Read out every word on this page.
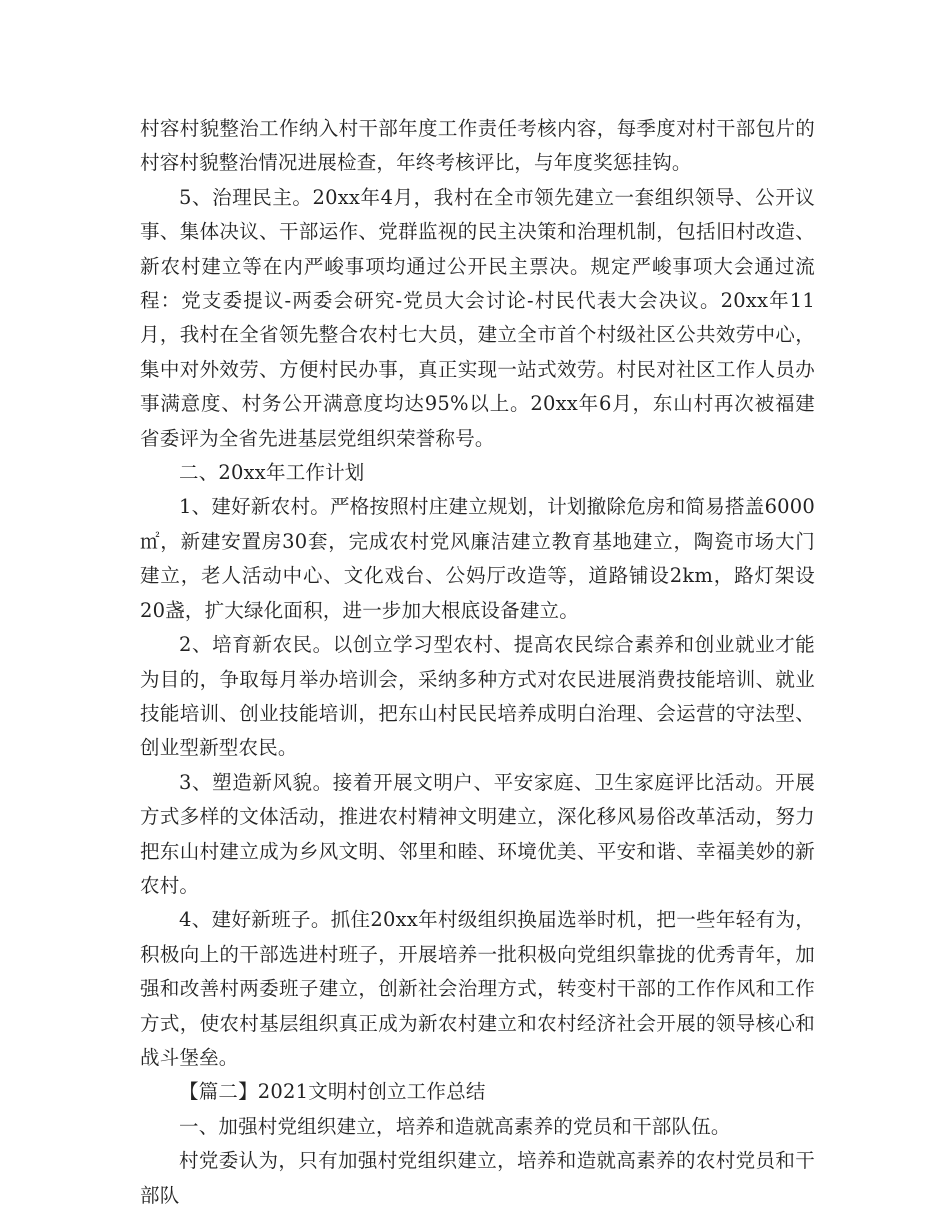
村容村貌整治工作纳入村干部年度工作责任考核内容，每季度对村干部包片的村容村貌整治情况进展检查，年终考核评比，与年度奖惩挂钩。

5、治理民主。20xx年4月，我村在全市领先建立一套组织领导、公开议事、集体决议、干部运作、党群监视的民主决策和治理机制，包括旧村改造、新农村建立等在内严峻事项均通过公开民主票决。规定严峻事项大会通过流程：党支委提议-两委会研究-党员大会讨论-村民代表大会决议。20xx年11月，我村在全省领先整合农村七大员，建立全市首个村级社区公共效劳中心，集中对外效劳、方便村民办事，真正实现一站式效劳。村民对社区工作人员办事满意度、村务公开满意度均达95%以上。20xx年6月，东山村再次被福建省委评为全省先进基层党组织荣誉称号。

二、20xx年工作计划

1、建好新农村。严格按照村庄建立规划，计划撤除危房和简易搭盖6000㎡，新建安置房30套，完成农村党风廉洁建立教育基地建立，陶瓷市场大门建立，老人活动中心、文化戏台、公妈厅改造等，道路铺设2km，路灯架设20盏，扩大绿化面积，进一步加大根底设备建立。

2、培育新农民。以创立学习型农村、提高农民综合素养和创业就业才能为目的，争取每月举办培训会，采纳多种方式对农民进展消费技能培训、就业技能培训、创业技能培训，把东山村民民培养成明白治理、会运营的守法型、创业型新型农民。

3、塑造新风貌。接着开展文明户、平安家庭、卫生家庭评比活动。开展方式多样的文体活动，推进农村精神文明建立，深化移风易俗改革活动，努力把东山村建立成为乡风文明、邻里和睦、环境优美、平安和谐、幸福美妙的新农村。

4、建好新班子。抓住20xx年村级组织换届选举时机，把一些年轻有为，积极向上的干部选进村班子，开展培养一批积极向党组织靠拢的优秀青年，加强和改善村两委班子建立，创新社会治理方式，转变村干部的工作作风和工作方式，使农村基层组织真正成为新农村建立和农村经济社会开展的领导核心和战斗堡垒。

【篇二】2021文明村创立工作总结

一、加强村党组织建立，培养和造就高素养的党员和干部队伍。

村党委认为，只有加强村党组织建立，培养和造就高素养的农村党员和干部队
